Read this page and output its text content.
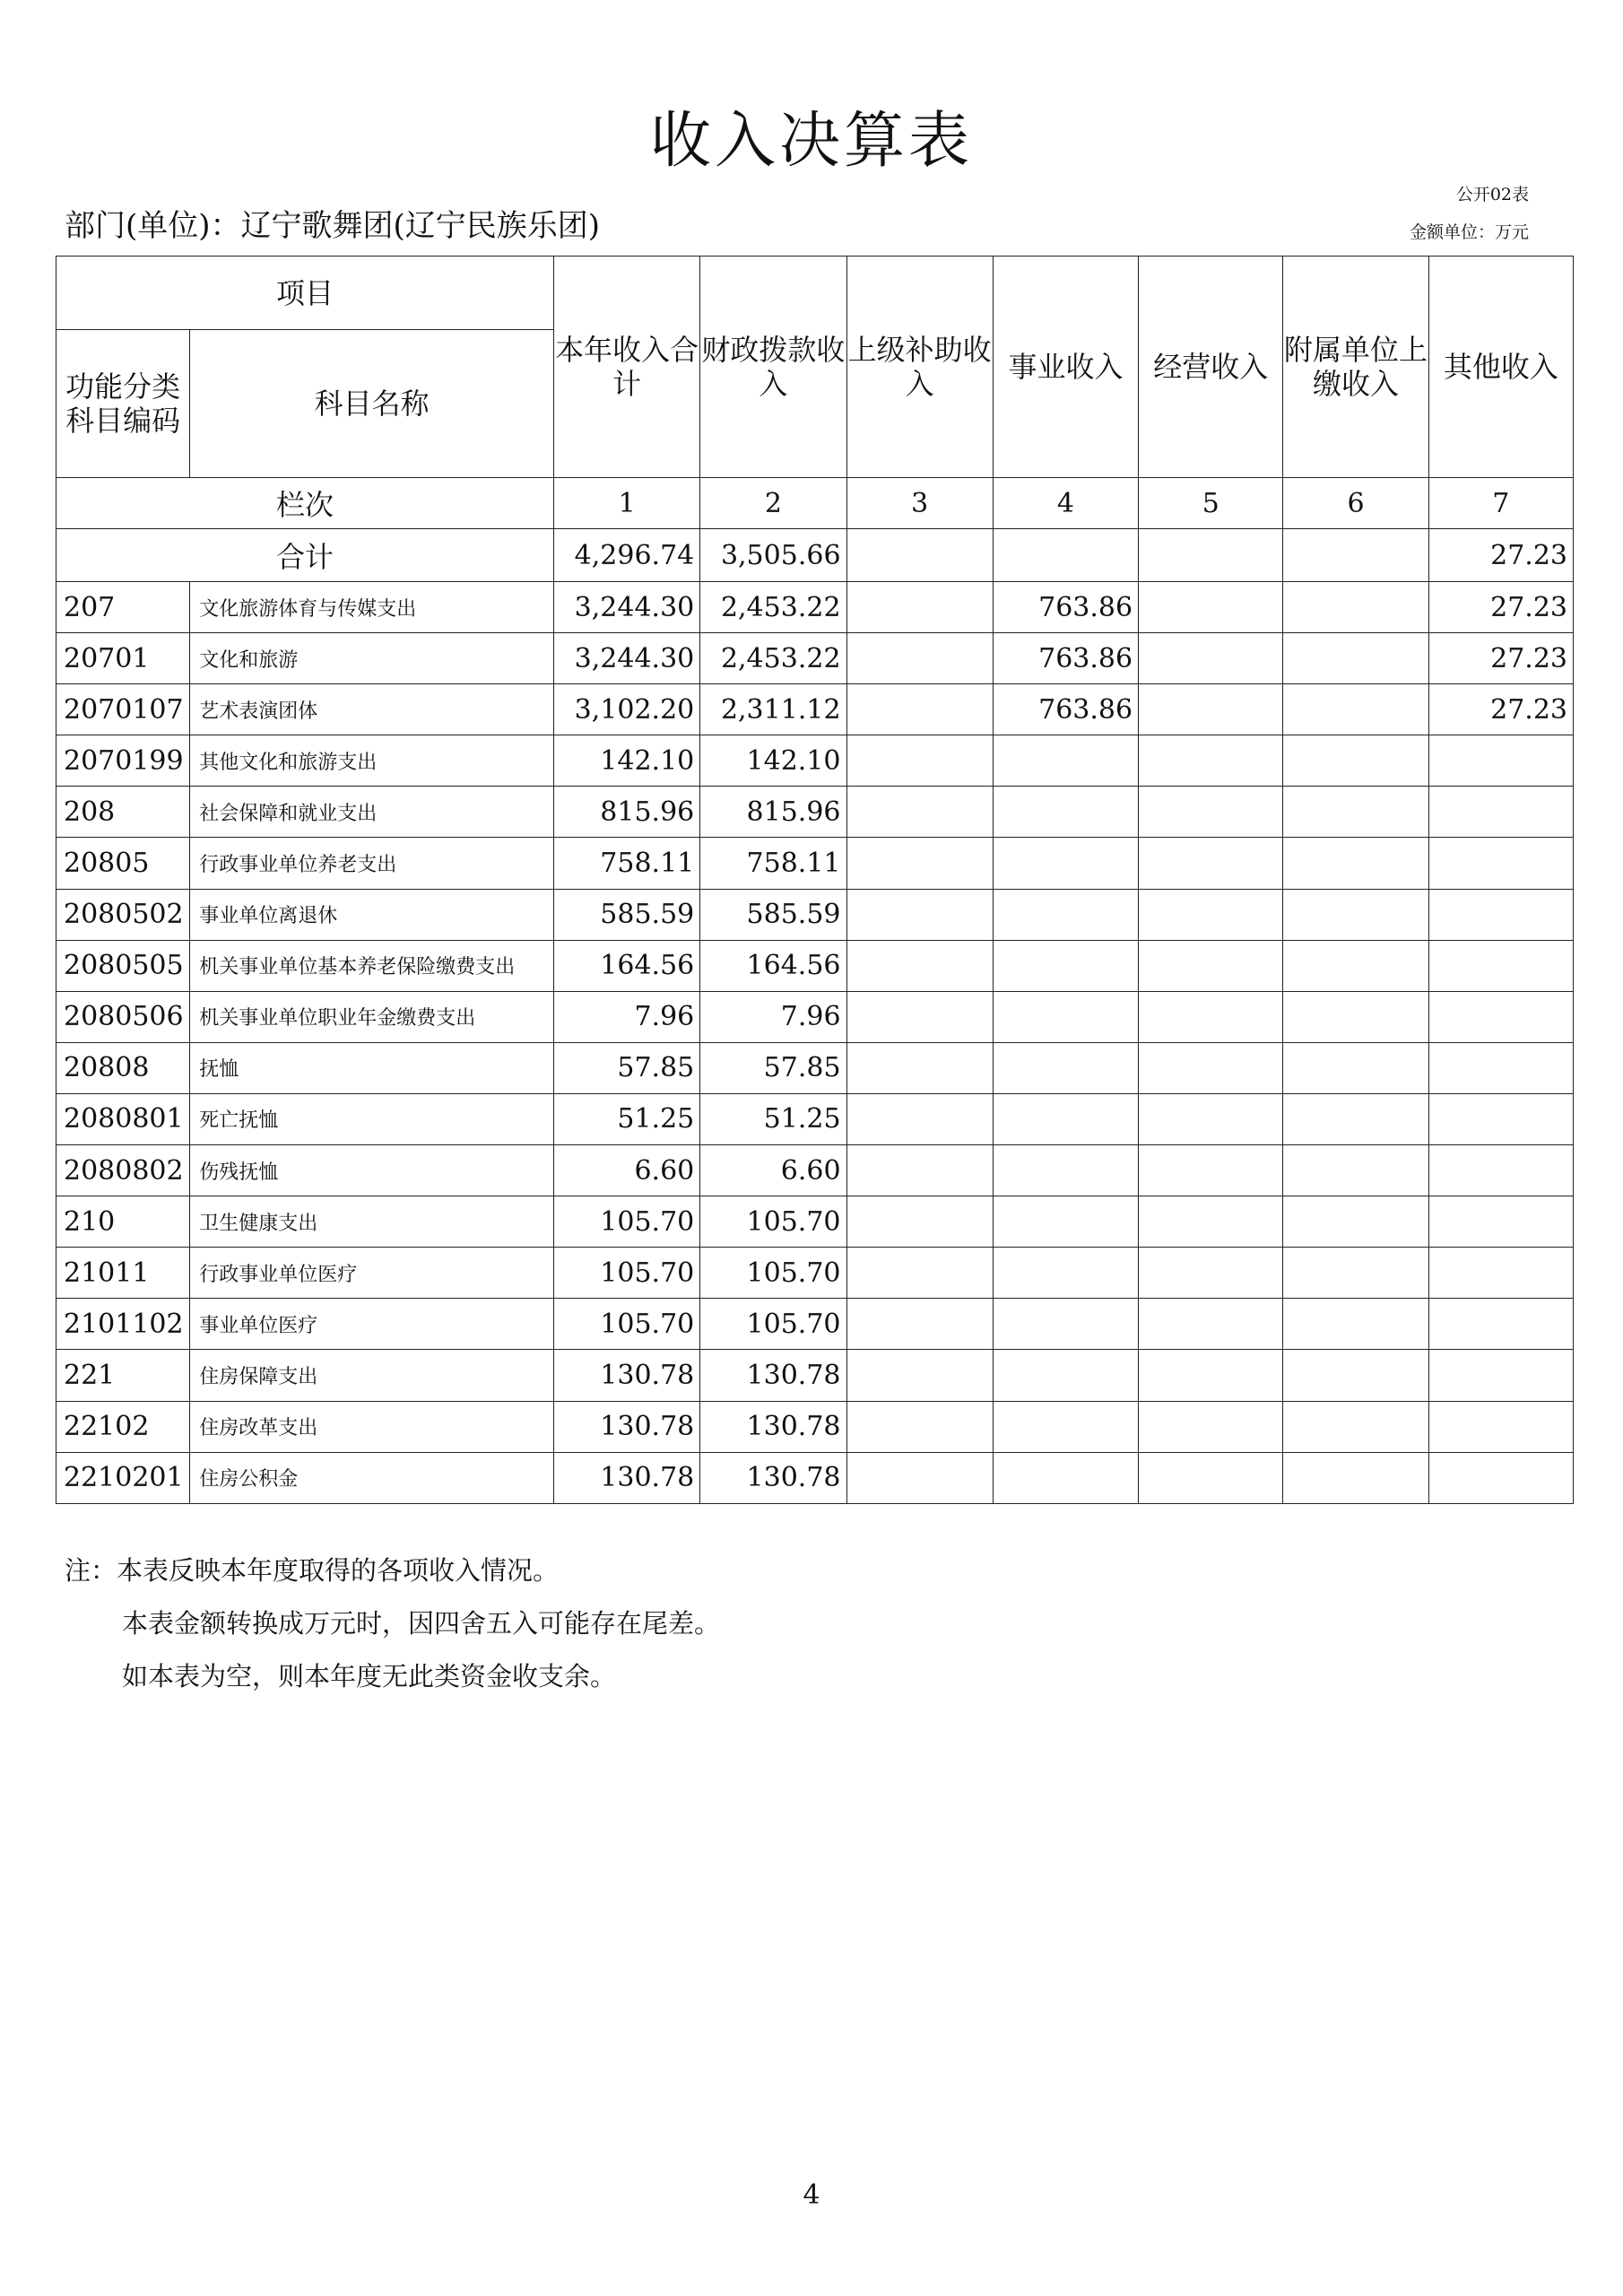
收入决算表
公开02表
金额单位：万元
部门(单位)：辽宁歌舞团(辽宁民族乐团)
项目		本年收入合计	财政拨款收入	上级补助收入	事业收入	经营收入	附属单位上缴收入	其他收入
功能分类科目编码	科目名称							
栏次		1	2	3	4	5	6	7
合计		4,296.74	3,505.66					27.23
207	文化旅游体育与传媒支出	3,244.30	2,453.22		763.86			27.23
20701	文化和旅游	3,244.30	2,453.22		763.86			27.23
2070107	艺术表演团体	3,102.20	2,311.12		763.86			27.23
2070199	其他文化和旅游支出	142.10	142.10					
208	社会保障和就业支出	815.96	815.96					
20805	行政事业单位养老支出	758.11	758.11					
2080502	事业单位离退休	585.59	585.59					
2080505	机关事业单位基本养老保险缴费支出	164.56	164.56					
2080506	机关事业单位职业年金缴费支出	7.96	7.96					
20808	抚恤	57.85	57.85					
2080801	死亡抚恤	51.25	51.25					
2080802	伤残抚恤	6.60	6.60					
210	卫生健康支出	105.70	105.70					
21011	行政事业单位医疗	105.70	105.70					
2101102	事业单位医疗	105.70	105.70					
221	住房保障支出	130.78	130.78					
22102	住房改革支出	130.78	130.78					
2210201	住房公积金	130.78	130.78					
注：本表反映本年度取得的各项收入情况。
本表金额转换成万元时，因四舍五入可能存在尾差。
如本表为空，则本年度无此类资金收支余。
4
